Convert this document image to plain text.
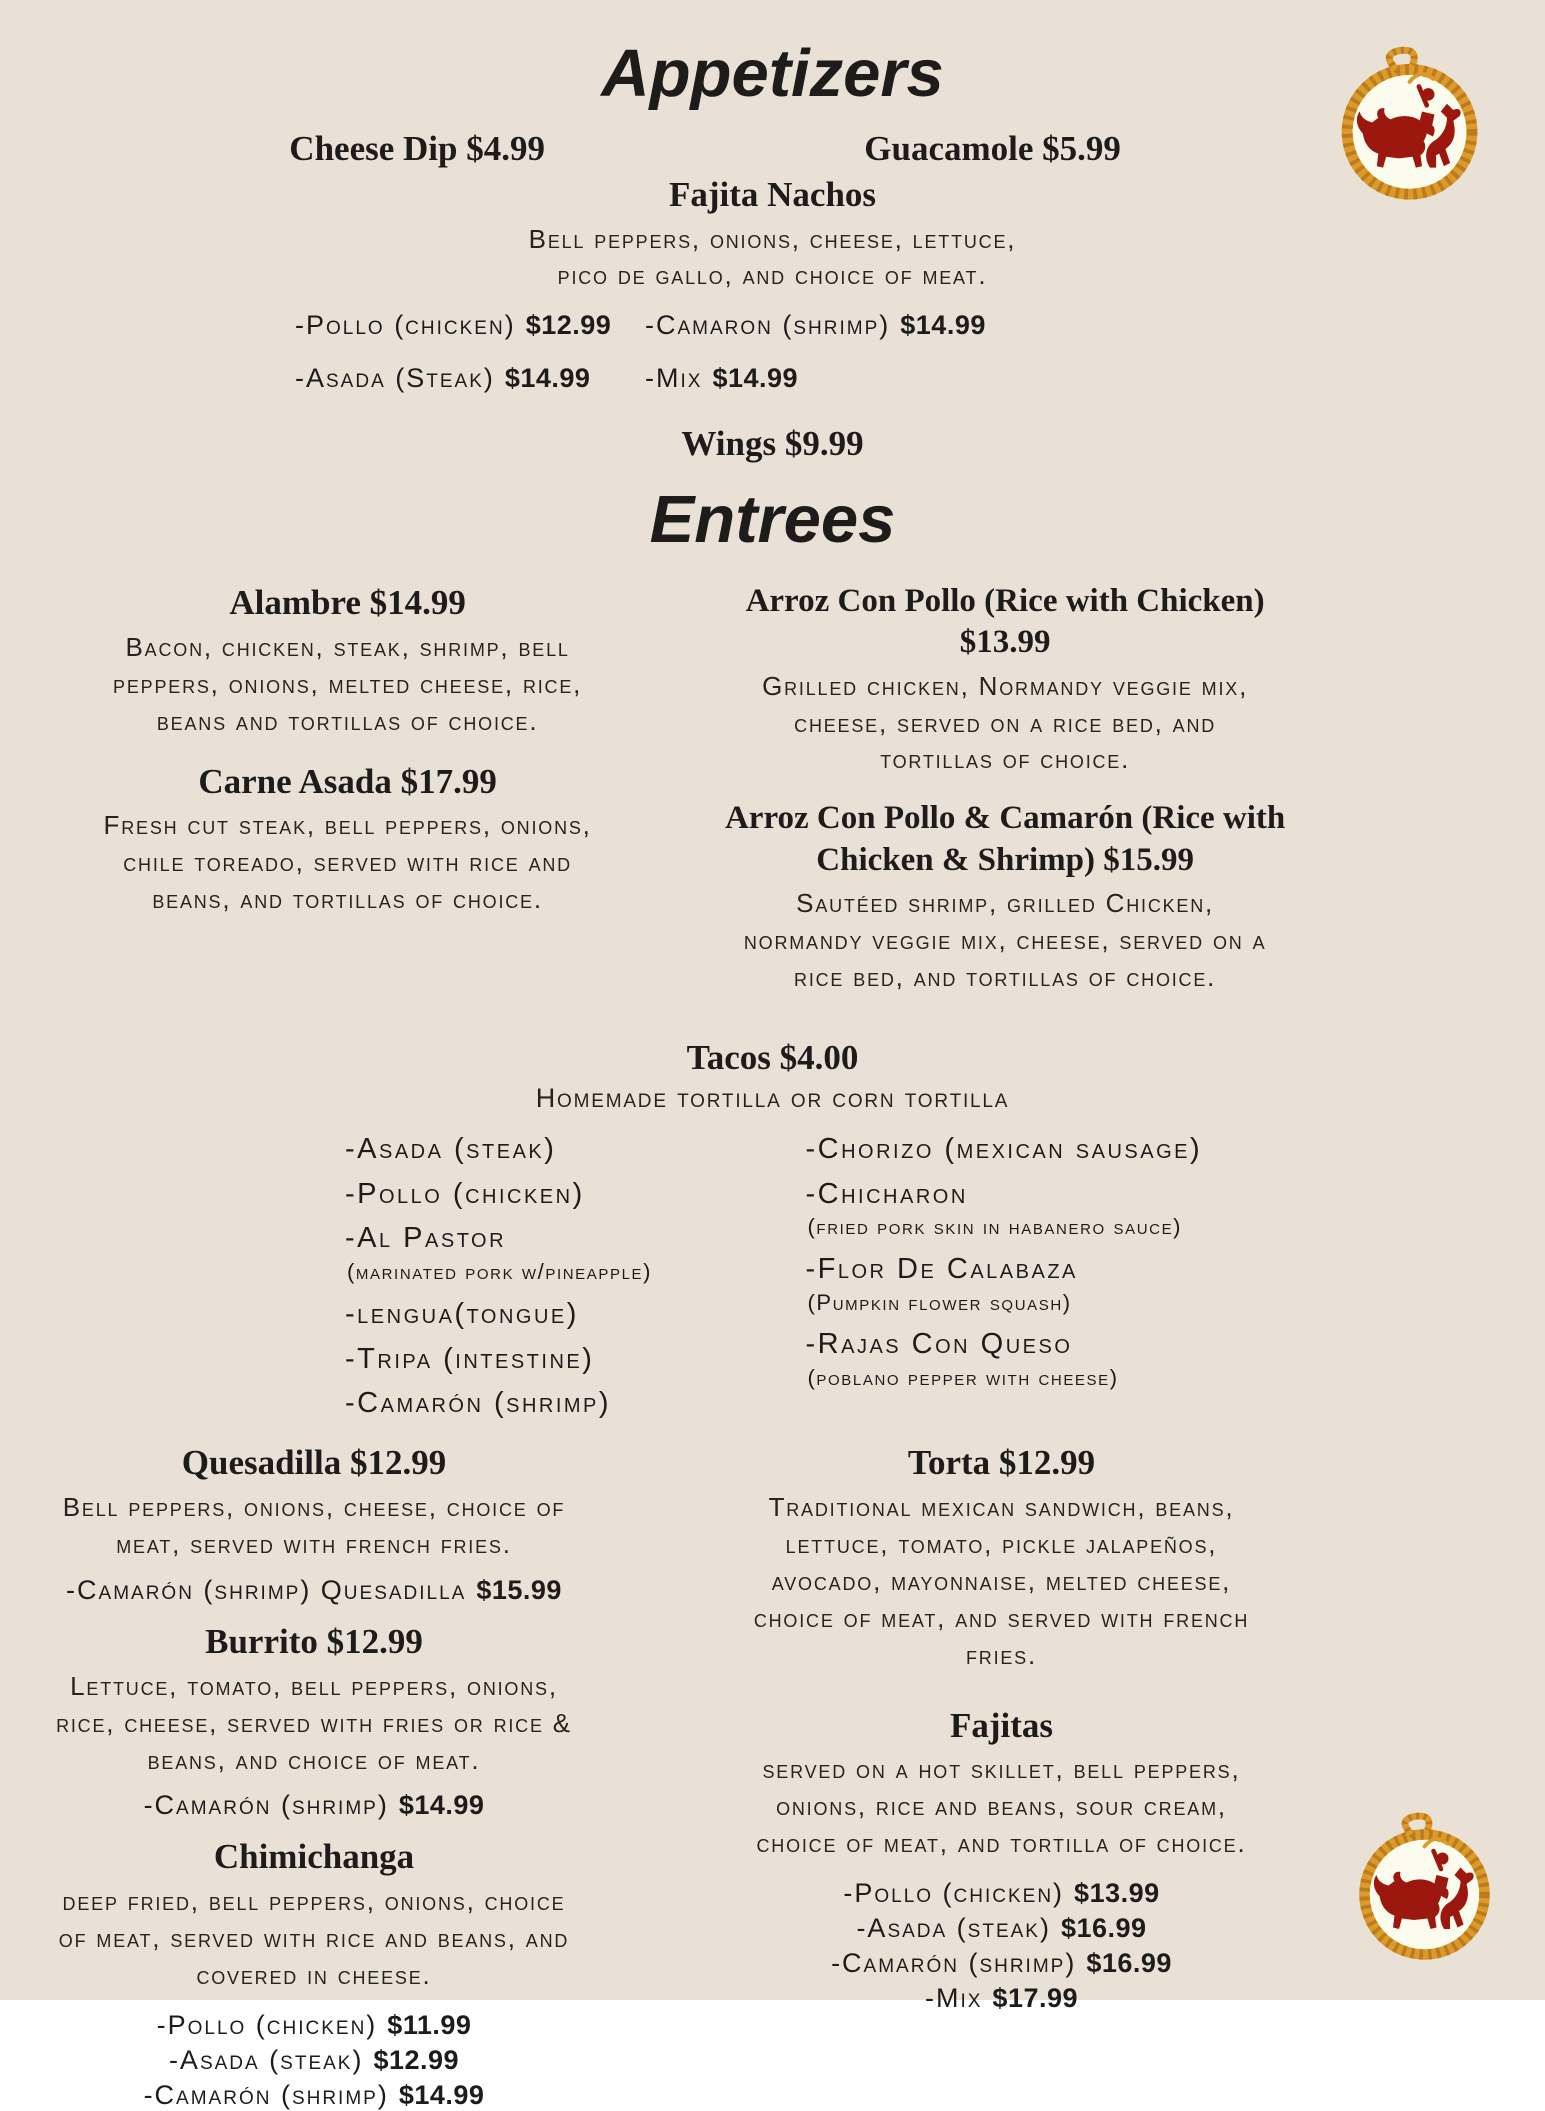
Appetizers
Cheese Dip $4.99	Guacamole $5.99
Fajita Nachos
Bell peppers, onions, cheese, lettuce,
pico de gallo, and choice of meat.
-Pollo (chicken) $12.99	-Camaron (shrimp) $14.99
-Asada (Steak) $14.99	-Mix $14.99
Wings $9.99
Entrees
Alambre $14.99
Bacon, chicken, steak, shrimp, bell peppers, onions, melted cheese, rice, beans and tortillas of choice.
Carne Asada $17.99
Fresh cut steak, bell peppers, onions, chile toreado, served with rice and beans, and tortillas of choice.
Arroz Con Pollo (Rice with Chicken) $13.99
Grilled chicken, Normandy veggie mix, cheese, served on a rice bed, and tortillas of choice.
Arroz Con Pollo & Camarón (Rice with Chicken & Shrimp) $15.99
Sautéed shrimp, grilled Chicken, normandy veggie mix, cheese, served on a rice bed, and tortillas of choice.
Tacos $4.00
Homemade tortilla or corn tortilla
-Asada (steak)
-Pollo (chicken)
-Al Pastor
(marinated pork w/pineapple)
-lengua(tongue)
-Tripa (intestine)
-Camarón (shrimp)
-Chorizo (mexican sausage)
-Chicharon
(fried pork skin in habanero sauce)
-Flor De Calabaza
(Pumpkin flower squash)
-Rajas Con Queso
(poblano pepper with cheese)
Quesadilla $12.99
Bell peppers, onions, cheese, choice of meat, served with french fries.
-Camarón (shrimp) Quesadilla $15.99
Burrito $12.99
Lettuce, tomato, bell peppers, onions, rice, cheese, served with fries or rice & beans, and choice of meat.
-Camarón (shrimp) $14.99
Chimichanga
deep fried, bell peppers, onions, choice of meat, served with rice and beans, and covered in cheese.
-Pollo (chicken) $11.99
-Asada (steak) $12.99
-Camarón (shrimp) $14.99
Torta $12.99
Traditional mexican sandwich, beans, lettuce, tomato, pickle jalapeños, avocado, mayonnaise, melted cheese, choice of meat, and served with french fries.
Fajitas
served on a hot skillet, bell peppers, onions, rice and beans, sour cream, choice of meat, and tortilla of choice.
-Pollo (chicken) $13.99
-Asada (steak) $16.99
-Camarón (shrimp) $16.99
-Mix $17.99
